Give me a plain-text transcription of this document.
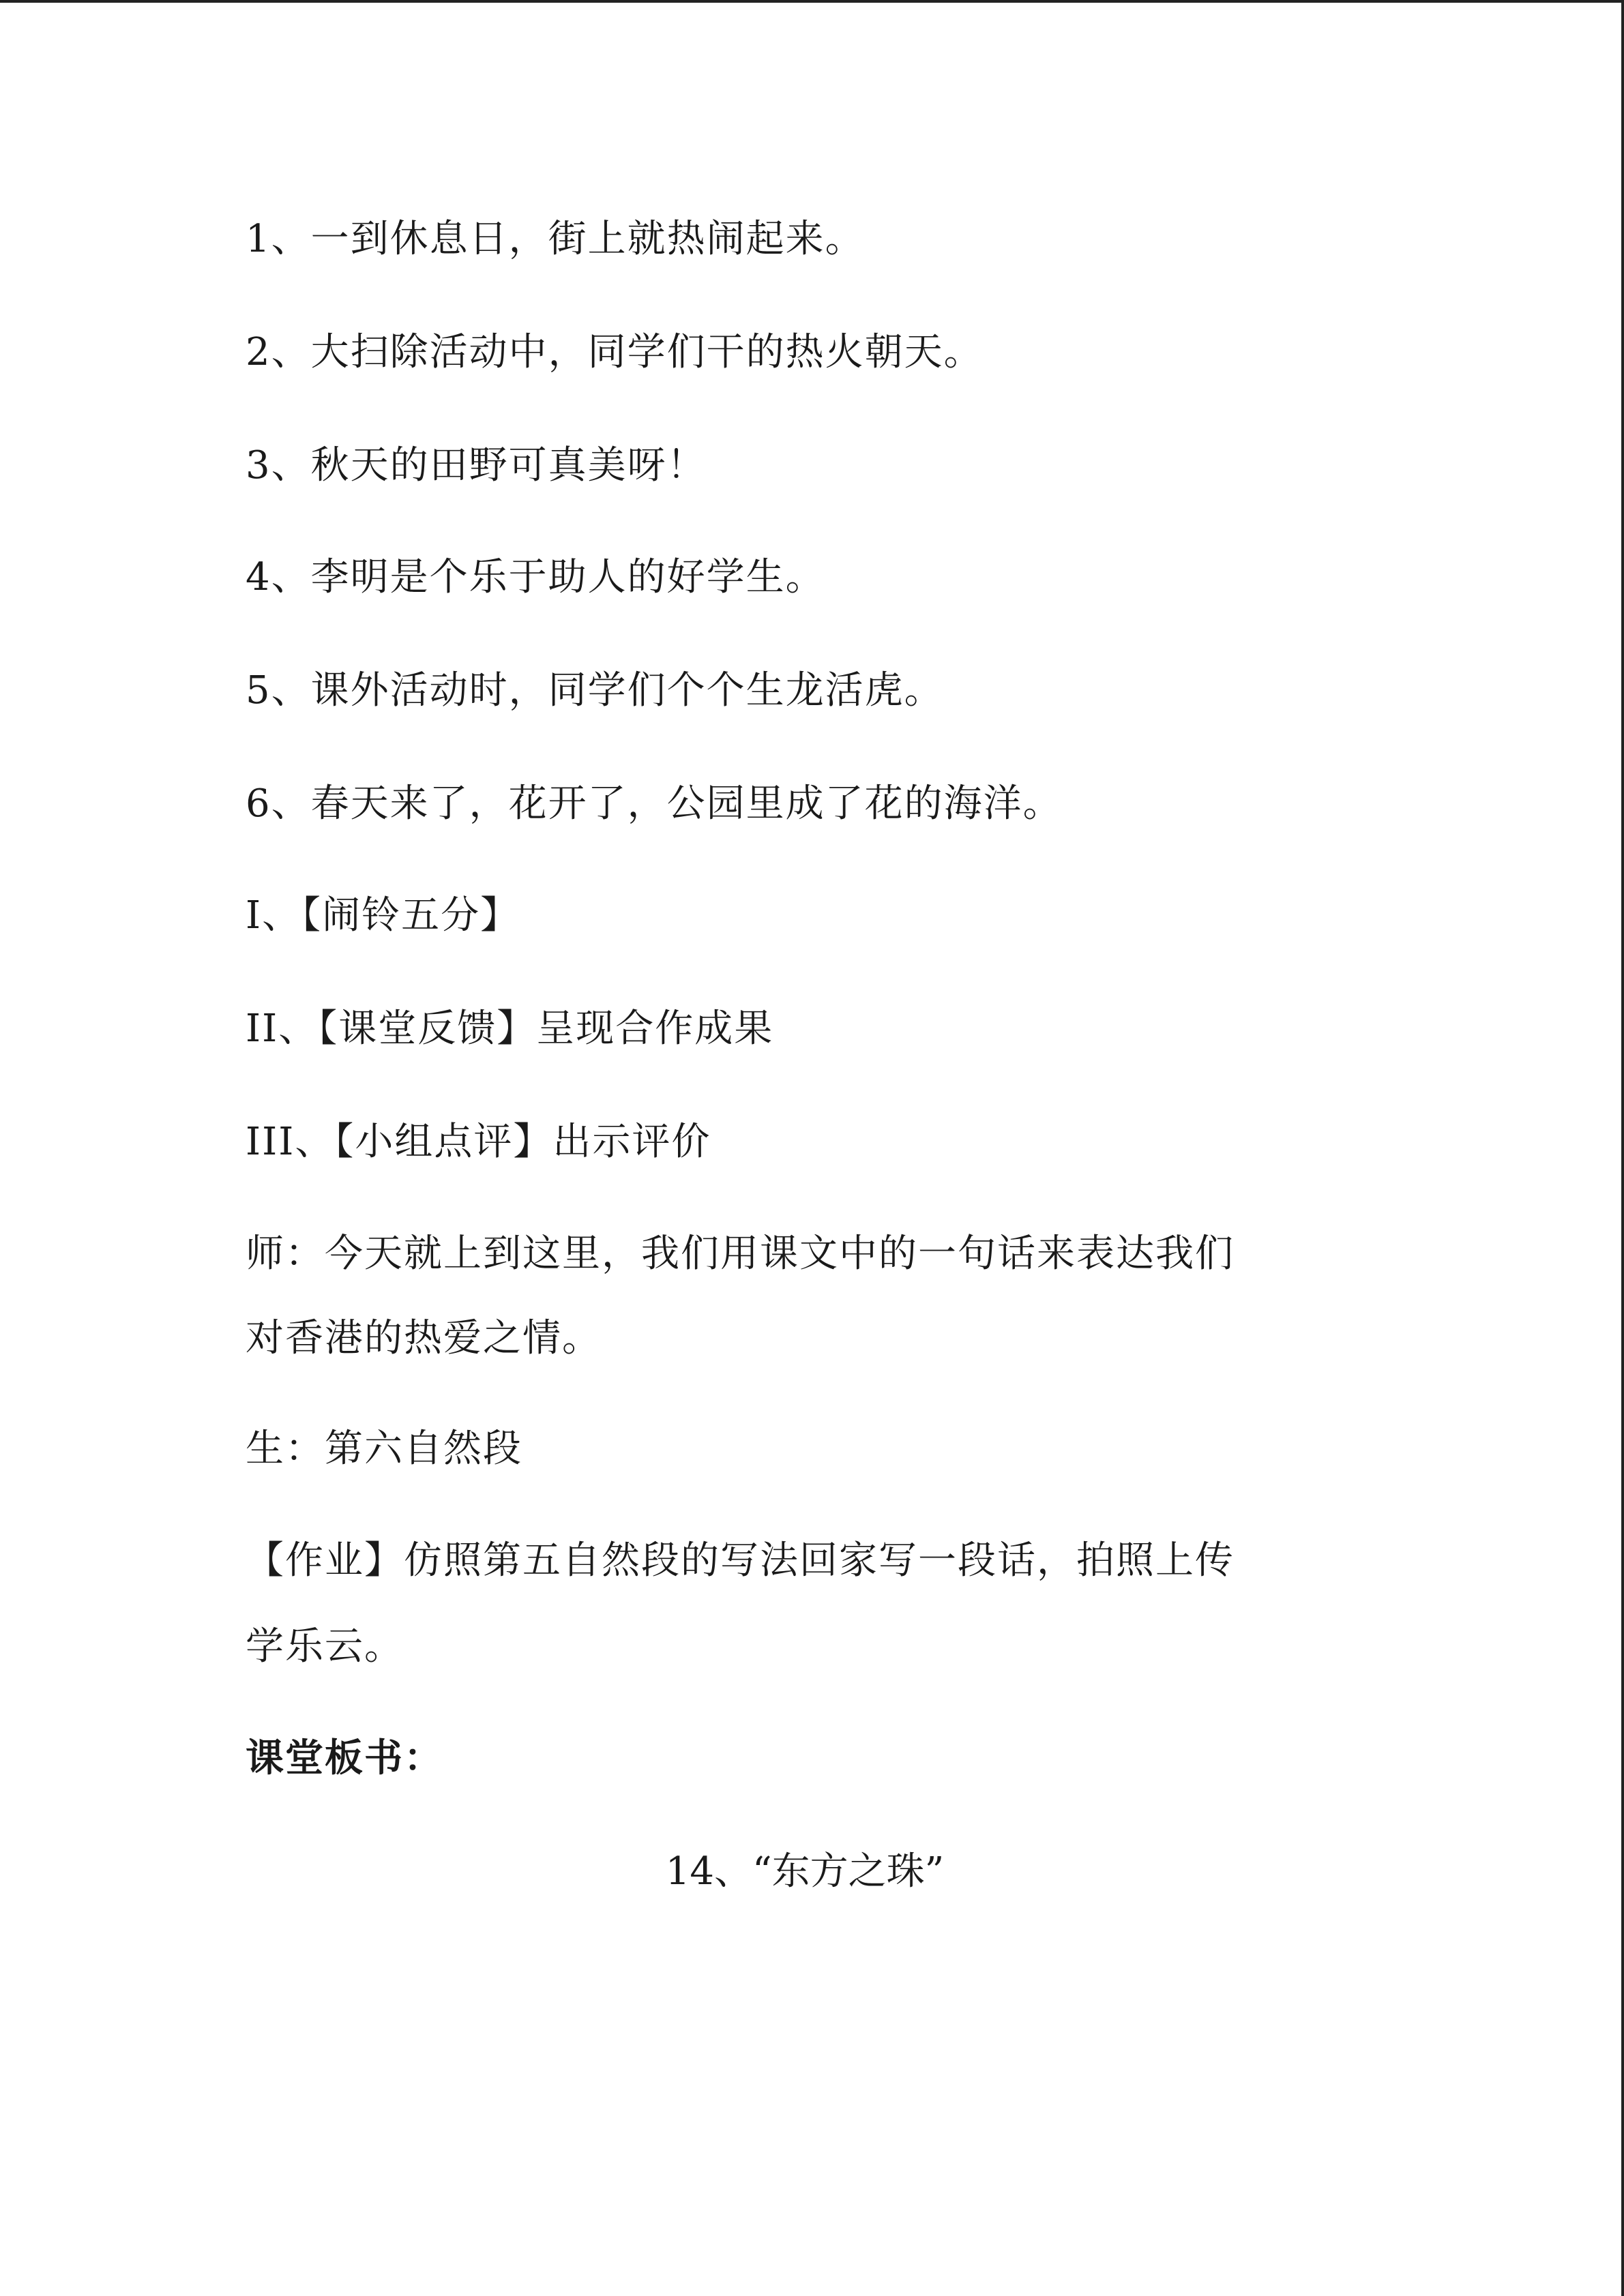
1、一到休息日，街上就热闹起来。
2、大扫除活动中，同学们干的热火朝天。
3、秋天的田野可真美呀！
4、李明是个乐于助人的好学生。
5、课外活动时，同学们个个生龙活虎。
6、春天来了，花开了，公园里成了花的海洋。
I、【闹铃五分】
II、【课堂反馈】呈现合作成果
III、【小组点评】出示评价
师：今天就上到这里，我们用课文中的一句话来表达我们
对香港的热爱之情。
生：第六自然段
【作业】仿照第五自然段的写法回家写一段话，拍照上传
学乐云。
课堂板书：
14、“东方之珠”
